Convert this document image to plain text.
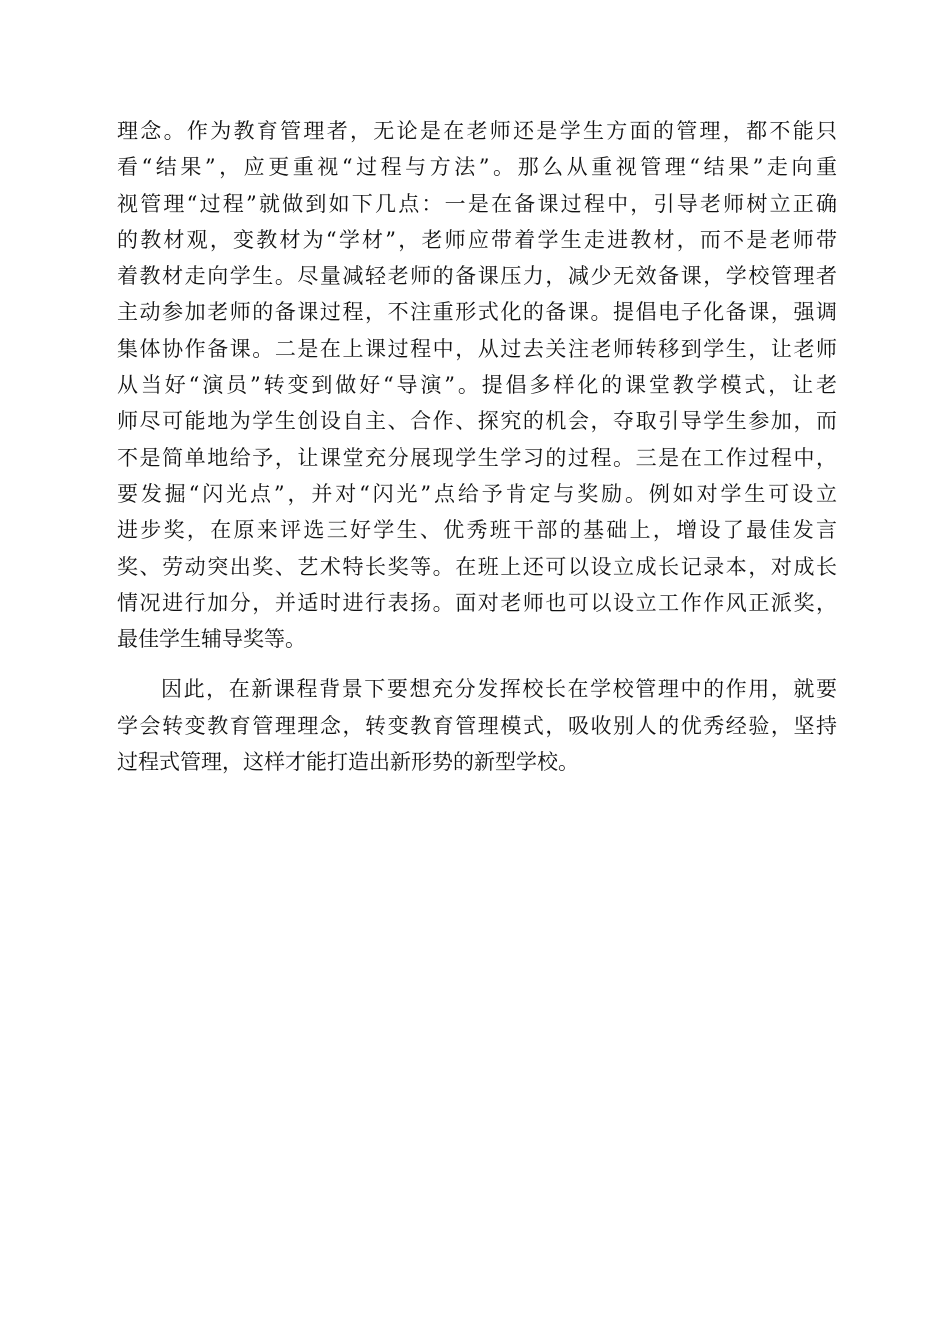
理念。作为教育管理者，无论是在老师还是学生方面的管理，都不能只
看“结果”，应更重视“过程与方法”。那么从重视管理“结果”走向重
视管理“过程”就做到如下几点：一是在备课过程中，引导老师树立正确
的教材观，变教材为“学材”，老师应带着学生走进教材，而不是老师带
着教材走向学生。尽量减轻老师的备课压力，减少无效备课，学校管理者
主动参加老师的备课过程，不注重形式化的备课。提倡电子化备课，强调
集体协作备课。二是在上课过程中，从过去关注老师转移到学生，让老师
从当好“演员”转变到做好“导演”。提倡多样化的课堂教学模式，让老
师尽可能地为学生创设自主、合作、探究的机会，夺取引导学生参加，而
不是简单地给予，让课堂充分展现学生学习的过程。三是在工作过程中，
要发掘“闪光点”，并对“闪光”点给予肯定与奖励。例如对学生可设立
进步奖，在原来评选三好学生、优秀班干部的基础上，增设了最佳发言
奖、劳动突出奖、艺术特长奖等。在班上还可以设立成长记录本，对成长
情况进行加分，并适时进行表扬。面对老师也可以设立工作作风正派奖，
最佳学生辅导奖等。
因此，在新课程背景下要想充分发挥校长在学校管理中的作用，就要
学会转变教育管理理念，转变教育管理模式，吸收别人的优秀经验，坚持
过程式管理，这样才能打造出新形势的新型学校。
